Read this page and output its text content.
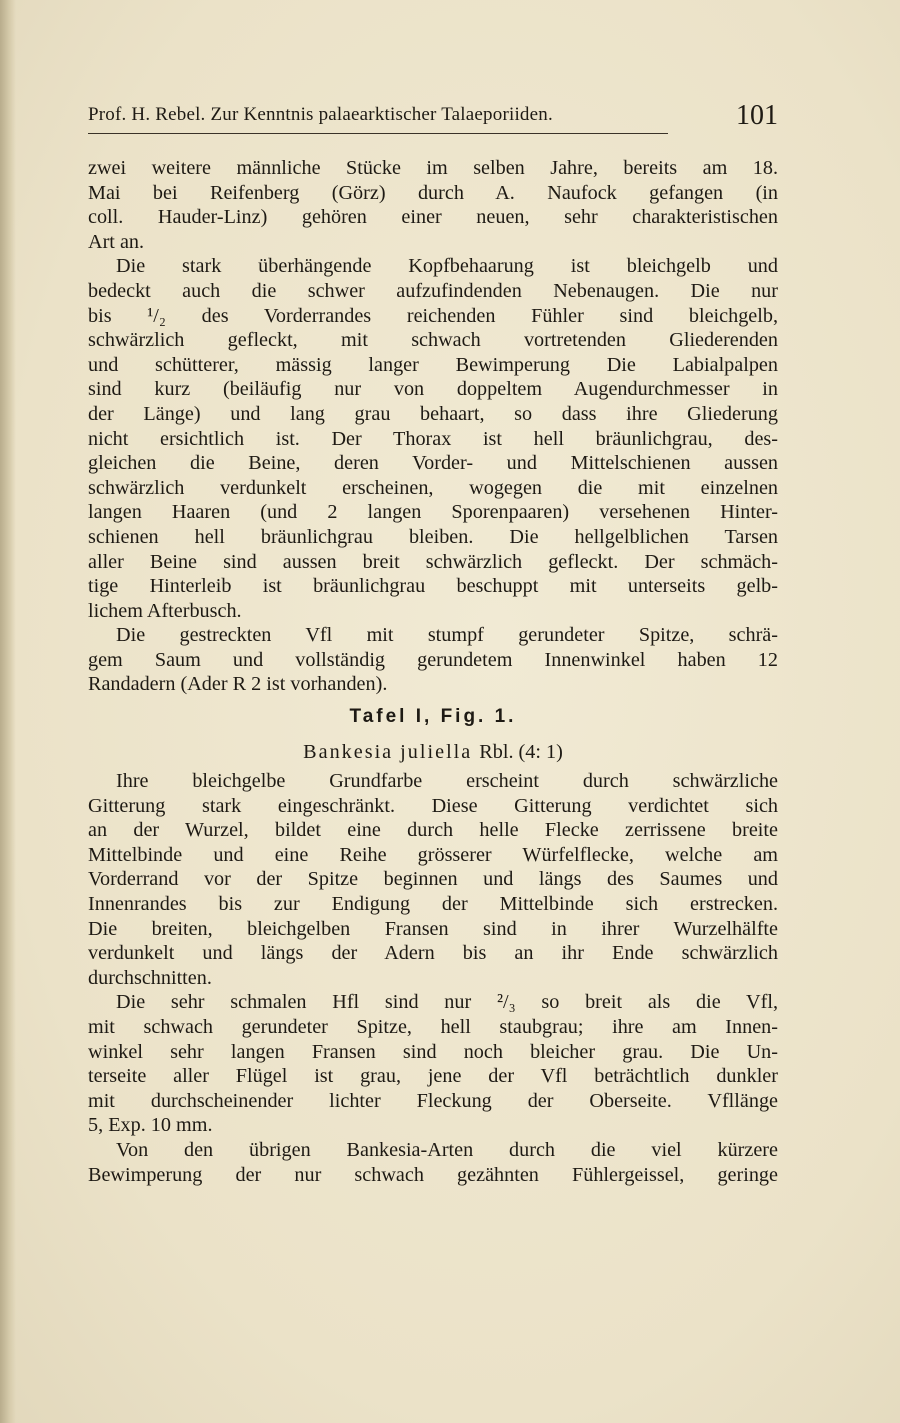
Prof. H. Rebel. Zur Kenntnis palaearktischer Talaeporiiden.	101
zwei weitere männliche Stücke im selben Jahre, bereits am 18.
Mai bei Reifenberg (Görz) durch A. Naufock gefangen (in
coll. Hauder-Linz) gehören einer neuen, sehr charakteristischen
Art an.
Die stark überhängende Kopfbehaarung ist bleichgelb und
bedeckt auch die schwer aufzufindenden Nebenaugen. Die nur
bis ¹/₂ des Vorderrandes reichenden Fühler sind bleichgelb,
schwärzlich gefleckt, mit schwach vortretenden Gliederenden
und schütterer, mässig langer Bewimperung Die Labialpalpen
sind kurz (beiläufig nur von doppeltem Augendurchmesser in
der Länge) und lang grau behaart, so dass ihre Gliederung
nicht ersichtlich ist. Der Thorax ist hell bräunlichgrau, des-
gleichen die Beine, deren Vorder- und Mittelschienen aussen
schwärzlich verdunkelt erscheinen, wogegen die mit einzelnen
langen Haaren (und 2 langen Sporenpaaren) versehenen Hinter-
schienen hell bräunlichgrau bleiben. Die hellgelblichen Tarsen
aller Beine sind aussen breit schwärzlich gefleckt. Der schmäch-
tige Hinterleib ist bräunlichgrau beschuppt mit unterseits gelb-
lichem Afterbusch.
Die gestreckten Vfl mit stumpf gerundeter Spitze, schrä-
gem Saum und vollständig gerundetem Innenwinkel haben 12
Randadern (Ader R 2 ist vorhanden).
Tafel I, Fig. 1.
Bankesia juliella Rbl. (4: 1)
Ihre bleichgelbe Grundfarbe erscheint durch schwärzliche
Gitterung stark eingeschränkt. Diese Gitterung verdichtet sich
an der Wurzel, bildet eine durch helle Flecke zerrissene breite
Mittelbinde und eine Reihe grösserer Würfelflecke, welche am
Vorderrand vor der Spitze beginnen und längs des Saumes und
Innenrandes bis zur Endigung der Mittelbinde sich erstrecken.
Die breiten, bleichgelben Fransen sind in ihrer Wurzelhälfte
verdunkelt und längs der Adern bis an ihr Ende schwärzlich
durchschnitten.
Die sehr schmalen Hfl sind nur ²/₃ so breit als die Vfl,
mit schwach gerundeter Spitze, hell staubgrau; ihre am Innen-
winkel sehr langen Fransen sind noch bleicher grau. Die Un-
terseite aller Flügel ist grau, jene der Vfl beträchtlich dunkler
mit durchscheinender lichter Fleckung der Oberseite. Vfllänge
5, Exp. 10 mm.
Von den übrigen Bankesia-Arten durch die viel kürzere
Bewimperung der nur schwach gezähnten Fühlergeissel, geringe
